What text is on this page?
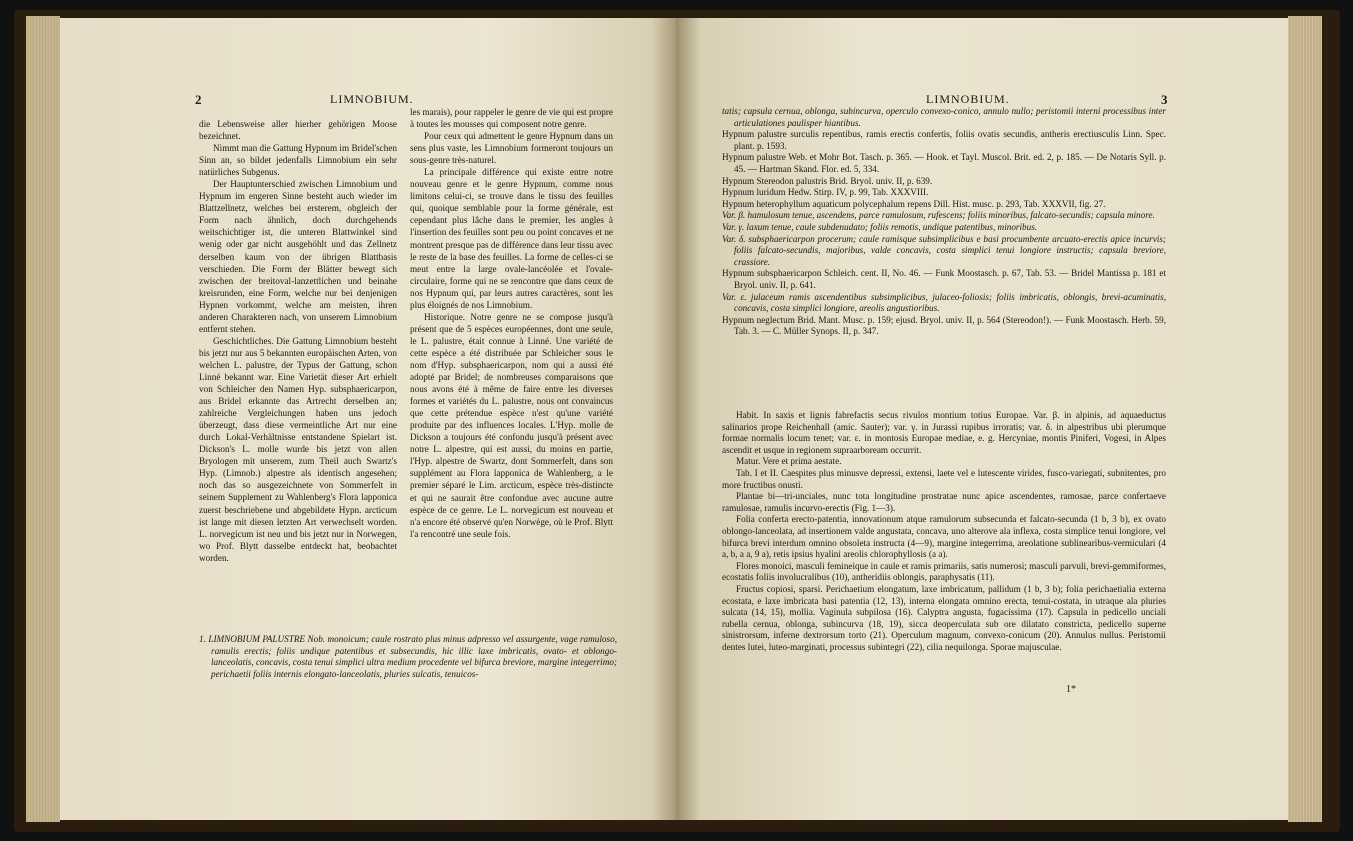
2	LIMNOBIUM.

die Lebensweise aller hierher gehörigen Moose bezeichnet.

Nimmt man die Gattung Hypnum im Bridel'schen Sinn an, so bildet jedenfalls Limnobium ein sehr natürliches Subgenus.

Der Hauptunterschied zwischen Limnobium und Hypnum im engeren Sinne besteht auch wieder im Blattzellnetz, welches bei ersterem, obgleich der Form nach ähnlich, doch durchgehends weitschichtiger ist, die unteren Blattwinkel sind wenig oder gar nicht ausgehöhlt und das Zellnetz derselben kaum von der übrigen Blattbasis verschieden. Die Form der Blätter bewegt sich zwischen der breitoval-lanzettlichen und beinahe kreisrunden, eine Form, welche nur bei denjenigen Hypnen vorkommt, welche am meisten, ihren anderen Charakteren nach, von unserem Limnobium entfernt stehen.

Geschichtliches. Die Gattung Limnobium besteht bis jetzt nur aus 5 bekannten europäischen Arten, von welchen L. palustre, der Typus der Gattung, schon Linné bekannt war. Eine Varietät dieser Art erhielt von Schleicher den Namen Hyp. subsphaericarpon, aus Bridel erkannte das Artrecht derselben an; zahlreiche Vergleichungen haben uns jedoch überzeugt, dass diese vermeintliche Art nur eine durch Lokal-Verhältnisse entstandene Spielart ist. Dickson's L. molle wurde bis jetzt von allen Bryologen mit unserem, zum Theil auch Swartz's Hyp. (Limnob.) alpestre als identisch angesehen; noch das so ausgezeichnete von Sommerfelt in seinem Supplement zu Wahlenberg's Flora lapponica zuerst beschriebene und abgebildete Hypn. arcticum ist lange mit diesen letzten Art verwechselt worden. L. norvegicum ist neu und bis jetzt nur in Norwegen, wo Prof. Blytt dasselbe entdeckt hat, beobachtet worden.

les marais), pour rappeler le genre de vie qui est propre à toutes les mousses qui composent notre genre.

Pour ceux qui admettent le genre Hypnum dans un sens plus vaste, les Limnobium formeront toujours un sous-genre très-naturel.

La principale différence qui existe entre notre nouveau genre et le genre Hypnum, comme nous limitons celui-ci, se trouve dans le tissu des feuilles qui, quoique semblable pour la forme générale, est cependant plus lâche dans le premier, les angles à l'insertion des feuilles sont peu ou point concaves et ne montrent presque pas de différence dans leur tissu avec le reste de la base des feuilles. La forme de celles-ci se meut entre la large ovale-lancéolée et l'ovale-circulaire, forme qui ne se rencontre que dans ceux de nos Hypnum qui, par leurs autres caractères, sont les plus éloignés de nos Limnobium.

Historique. Notre genre ne se compose jusqu'à présent que de 5 espèces européennes, dont une seule, le L. palustre, était connue à Linné. Une variété de cette espèce a été distribuée par Schleicher sous le nom d'Hyp. subsphaericarpon, nom qui a aussi été adopté par Bridel; de nombreuses comparaisons que nous avons été à même de faire entre les diverses formes et variétés du L. palustre, nous ont convaincus que cette prétendue espèce n'est qu'une variété produite par des influences locales. L'Hyp. molle de Dickson a toujours été confondu jusqu'à présent avec notre L. alpestre, qui est aussi, du moins en partie, l'Hyp. alpestre de Swartz, dont Sommerfelt, dans son supplément au Flora lapponica de Wahlenberg, a le premier séparé le Lim. arcticum, espèce très-distincte et qui ne saurait être confondue avec aucune autre espèce de ce genre. Le L. norvegicum est nouveau et n'a encore été observé qu'en Norwège, où le Prof. Blytt l'a rencontré une seule fois.

1. LIMNOBIUM PALUSTRE Nob. monoicum; caule rostrato plus minus adpresso vel assurgente, vage ramuloso, ramulis erectis; foliis undique patentibus et subsecundis, hic illic laxe imbricatis, ovato- et oblongo-lanceolatis, concavis, costa tenui simplici ultra medium procedente vel bifurca breviore, margine integerrimo; perichaetii foliis internis elongato-lanceolatis, pluries sulcatis, tenuicos-

LIMNOBIUM.	3

tatis; capsula cernua, oblonga, subincurva, operculo convexo-conico, annulo nullo; peristomii interni processibus inter articulationes paulisper hiantibus.

Hypnum palustre surculis repentibus, ramis erectis confertis, foliis ovatis secundis, antheris erectiusculis Linn. Spec. plant. p. 1593.

Hypnum palustre Web. et Mohr Bot. Tasch. p. 365. — Hook. et Tayl. Muscol. Brit. ed. 2, p. 185. — De Notaris Syll. p. 45. — Hartman Skand. Flor. ed. 5, 334.

Hypnum Stereodon palustris Brid. Bryol. univ. II, p. 639.

Hypnum luridum Hedw. Stirp. IV, p. 99, Tab. XXXVIII.

Hypnum heterophyllum aquaticum polycephalum repens Dill. Hist. musc. p. 293, Tab. XXXVII, fig. 27.

Var. β. hamulosum tenue, ascendens, parce ramulosum, rufescens; foliis minoribus, falcato-secundis; capsula minore.

Var. γ. laxum tenue, caule subdenudato; foliis remotis, undique patentibus, minoribus.

Var. δ. subsphaericarpon procerum; caule ramisque subsimplicibus e basi procumbente arcuato-erectis apice incurvis; foliis falcato-secundis, majoribus, valde concavis, costa simplici tenui longiore instructis; capsula breviore, crassiore.

Hypnum subsphaericarpon Schleich. cent. II, No. 46. — Funk Moostasch. p. 67, Tab. 53. — Bridel Mantissa p. 181 et Bryol. univ. II, p. 641.

Var. ε. julaceum ramis ascendentibus subsimplicibus, julaceo-foliosis; foliis imbricatis, oblongis, brevi-acuminatis, concavis, costa simplici longiore, areolis angustioribus.

Hypnum neglectum Brid. Mant. Musc. p. 159; ejusd. Bryol. univ. II, p. 564 (Stereodon!). — Funk Moostasch. Herb. 59, Tab. 3. — C. Müller Synops. II, p. 347.

Habit. In saxis et lignis fabrefactis secus rivulos montium totius Europae. Var. β. in alpinis, ad aquaeductus salinarios prope Reichenhall (amic. Sauter); var. γ. in Jurassi rupibus irroratis; var. δ. in alpestribus ubi plerumque formae normalis locum tenet; var. ε. in montosis Europae mediae, e. g. Hercyniae, montis Piniferi, Vogesi, in Alpes ascendit et usque in regionem supraarboream occurrit.

Matur. Vere et prima aestate.

Tab. I et II. Caespites plus minusve depressi, extensi, laete vel e lutescente virides, fusco-variegati, subnitentes, pro more fructibus onusti.

Plantae bi—tri-unciales, nunc tota longitudine prostratae nunc apice ascendentes, ramosae, parce confertaeve ramulosae, ramulis incurvo-erectis (Fig. 1—3).

Folia conferta erecto-patentia, innovationum atque ramulorum subsecunda et falcato-secunda (1 b, 3 b), ex ovato oblongo-lanceolata, ad insertionem valde angustata, concava, uno alterove ala inflexa, costa simplice tenui longiore, vel bifurca brevi interdum omnino obsoleta instructa (4—9), margine integerrima, areolatione sublinearibus-vermiculari (4 a, b, a a, 9 a), retis ipsius hyalini areolis chlorophyllosis (a a).

Flores monoici, masculi femineique in caule et ramis primariis, satis numerosi; masculi parvuli, brevi-gemmiformes, ecostatis foliis involucralibus (10), antheridiis oblongis, paraphysatis (11).

Fructus copiosi, sparsi. Perichaetium elongatum, laxe imbricatum, pallidum (1 b, 3 b); folia perichaetialia externa ecostata, e laxe imbricata basi patentia (12, 13), interna elongata omnino erecta, tenui-costata, in utraque ala pluries sulcata (14, 15), mollia. Vaginula subpilosa (16). Calyptra angusta, fugacissima (17). Capsula in pedicello unciali rubella cernua, oblonga, subincurva (18, 19), sicca deoperculata sub ore dilatato constricta, pedicello superne sinistrorsum, inferne dextrorsum torto (21). Operculum magnum, convexo-conicum (20). Annulus nullus. Peristomii dentes lutei, luteo-marginati, processus subintegri (22), cilia nequilonga. Sporae majusculae.

1*
